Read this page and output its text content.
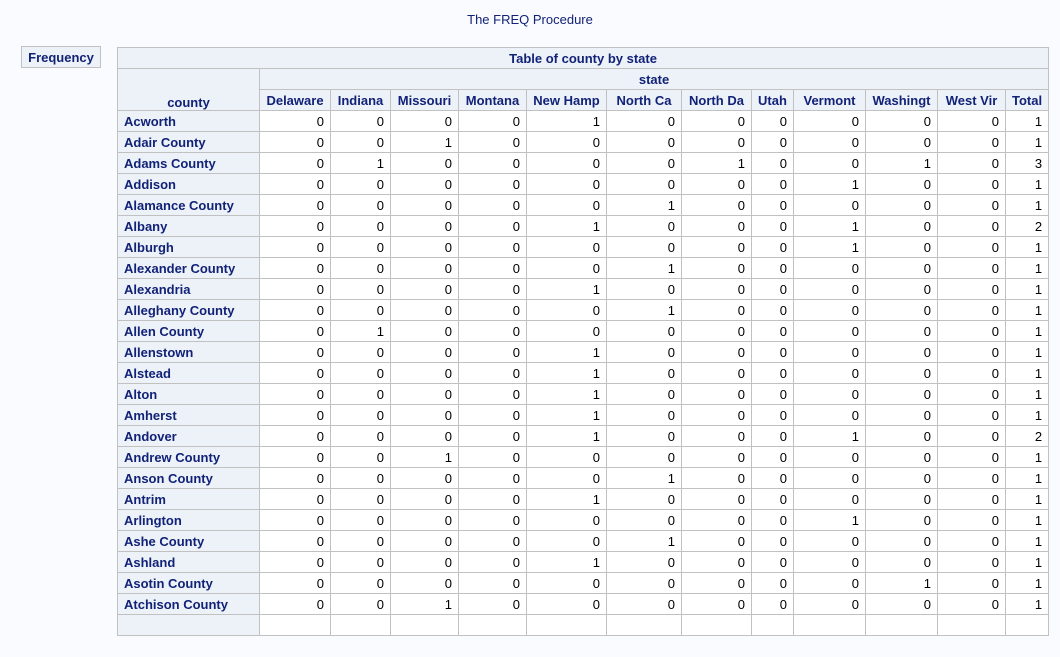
The FREQ Procedure
Frequency	Table of county by state												
county	state											
	Delaware	Indiana	Missouri	Montana	New Hamp	North Ca	North Da	Utah	Vermont	Washingt	West Vir	Total
Acworth	0	0	0	0	1	0	0	0	0	0	0	1
Adair County	0	0	1	0	0	0	0	0	0	0	0	1
Adams County	0	1	0	0	0	0	1	0	0	1	0	3
Addison	0	0	0	0	0	0	0	0	1	0	0	1
Alamance County	0	0	0	0	0	1	0	0	0	0	0	1
Albany	0	0	0	0	1	0	0	0	1	0	0	2
Alburgh	0	0	0	0	0	0	0	0	1	0	0	1
Alexander County	0	0	0	0	0	1	0	0	0	0	0	1
Alexandria	0	0	0	0	1	0	0	0	0	0	0	1
Alleghany County	0	0	0	0	0	1	0	0	0	0	0	1
Allen County	0	1	0	0	0	0	0	0	0	0	0	1
Allenstown	0	0	0	0	1	0	0	0	0	0	0	1
Alstead	0	0	0	0	1	0	0	0	0	0	0	1
Alton	0	0	0	0	1	0	0	0	0	0	0	1
Amherst	0	0	0	0	1	0	0	0	0	0	0	1
Andover	0	0	0	0	1	0	0	0	1	0	0	2
Andrew County	0	0	1	0	0	0	0	0	0	0	0	1
Anson County	0	0	0	0	0	1	0	0	0	0	0	1
Antrim	0	0	0	0	1	0	0	0	0	0	0	1
Arlington	0	0	0	0	0	0	0	0	1	0	0	1
Ashe County	0	0	0	0	0	1	0	0	0	0	0	1
Ashland	0	0	0	0	1	0	0	0	0	0	0	1
Asotin County	0	0	0	0	0	0	0	0	0	1	0	1
Atchison County	0	0	1	0	0	0	0	0	0	0	0	1
